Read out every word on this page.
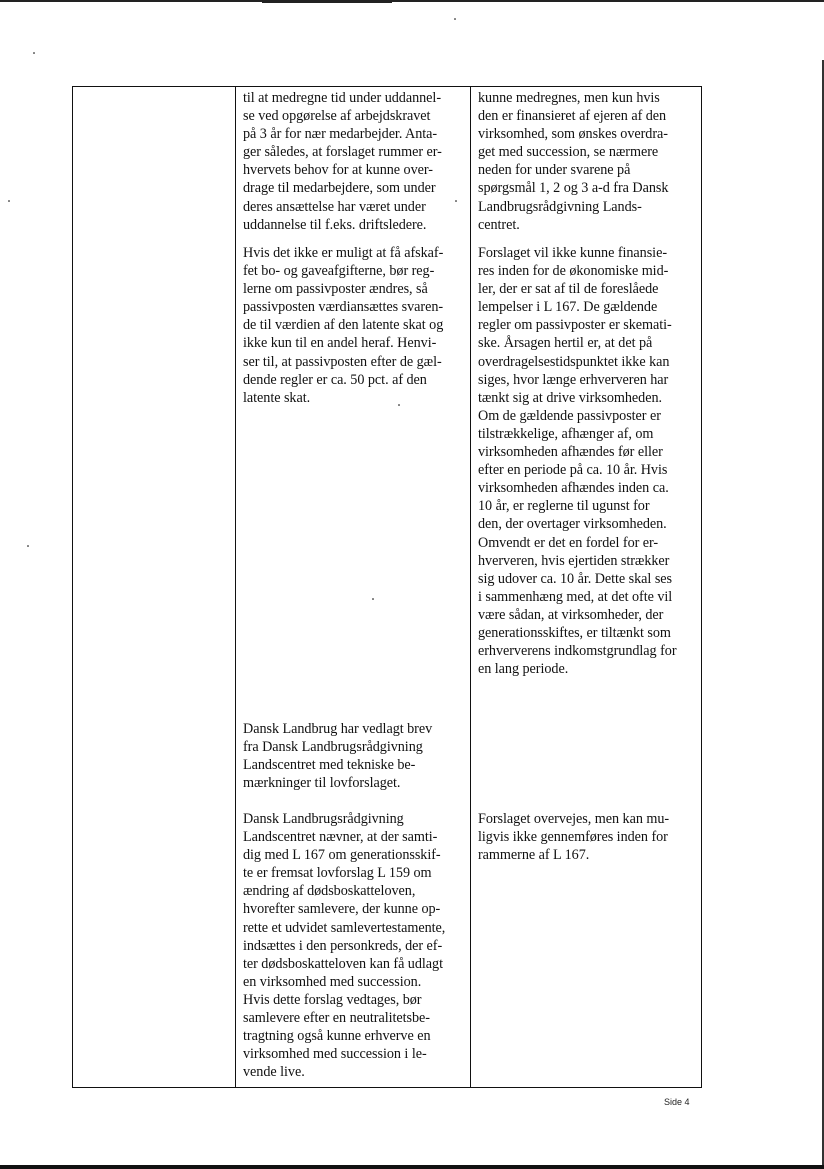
til at medregne tid under uddannel-
se ved opgørelse af arbejdskravet
på 3 år for nær medarbejder. Anta-
ger således, at forslaget rummer er-
hvervets behov for at kunne over-
drage til medarbejdere, som under
deres ansættelse har været under
uddannelse til f.eks. driftsledere.
Hvis det ikke er muligt at få afskaf-
fet bo- og gaveafgifterne, bør reg-
lerne om passivposter ændres, så
passivposten værdiansættes svaren-
de til værdien af den latente skat og
ikke kun til en andel heraf. Henvi-
ser til, at passivposten efter de gæl-
dende regler er ca. 50 pct. af den
latente skat.
Dansk Landbrug har vedlagt brev
fra Dansk Landbrugsrådgivning
Landscentret med tekniske be-
mærkninger til lovforslaget.
Dansk Landbrugsrådgivning
Landscentret nævner, at der samti-
dig med L 167 om generationsskif-
te er fremsat lovforslag L 159 om
ændring af dødsboskatteloven,
hvorefter samlevere, der kunne op-
rette et udvidet samlevertestamente,
indsættes i den personkreds, der ef-
ter dødsboskatteloven kan få udlagt
en virksomhed med succession.
Hvis dette forslag vedtages, bør
samlevere efter en neutralitetsbe-
tragtning også kunne erhverve en
virksomhed med succession i le-
vende live.
kunne medregnes, men kun hvis
den er finansieret af ejeren af den
virksomhed, som ønskes overdra-
get med succession, se nærmere
neden for under svarene på
spørgsmål 1, 2 og 3 a-d fra Dansk
Landbrugsrådgivning Lands-
centret.
Forslaget vil ikke kunne finansie-
res inden for de økonomiske mid-
ler, der er sat af til de foreslåede
lempelser i L 167. De gældende
regler om passivposter er skemati-
ske. Årsagen hertil er, at det på
overdragelsestidspunktet ikke kan
siges, hvor længe erhververen har
tænkt sig at drive virksomheden.
Om de gældende passivposter er
tilstrækkelige, afhænger af, om
virksomheden afhændes før eller
efter en periode på ca. 10 år. Hvis
virksomheden afhændes inden ca.
10 år, er reglerne til ugunst for
den, der overtager virksomheden.
Omvendt er det en fordel for er-
hververen, hvis ejertiden strækker
sig udover ca. 10 år. Dette skal ses
i sammenhæng med, at det ofte vil
være sådan, at virksomheder, der
generationsskiftes, er tiltænkt som
erhververens indkomstgrundlag for
en lang periode.
Forslaget overvejes, men kan mu-
ligvis ikke gennemføres inden for
rammerne af L 167.
Side 4
